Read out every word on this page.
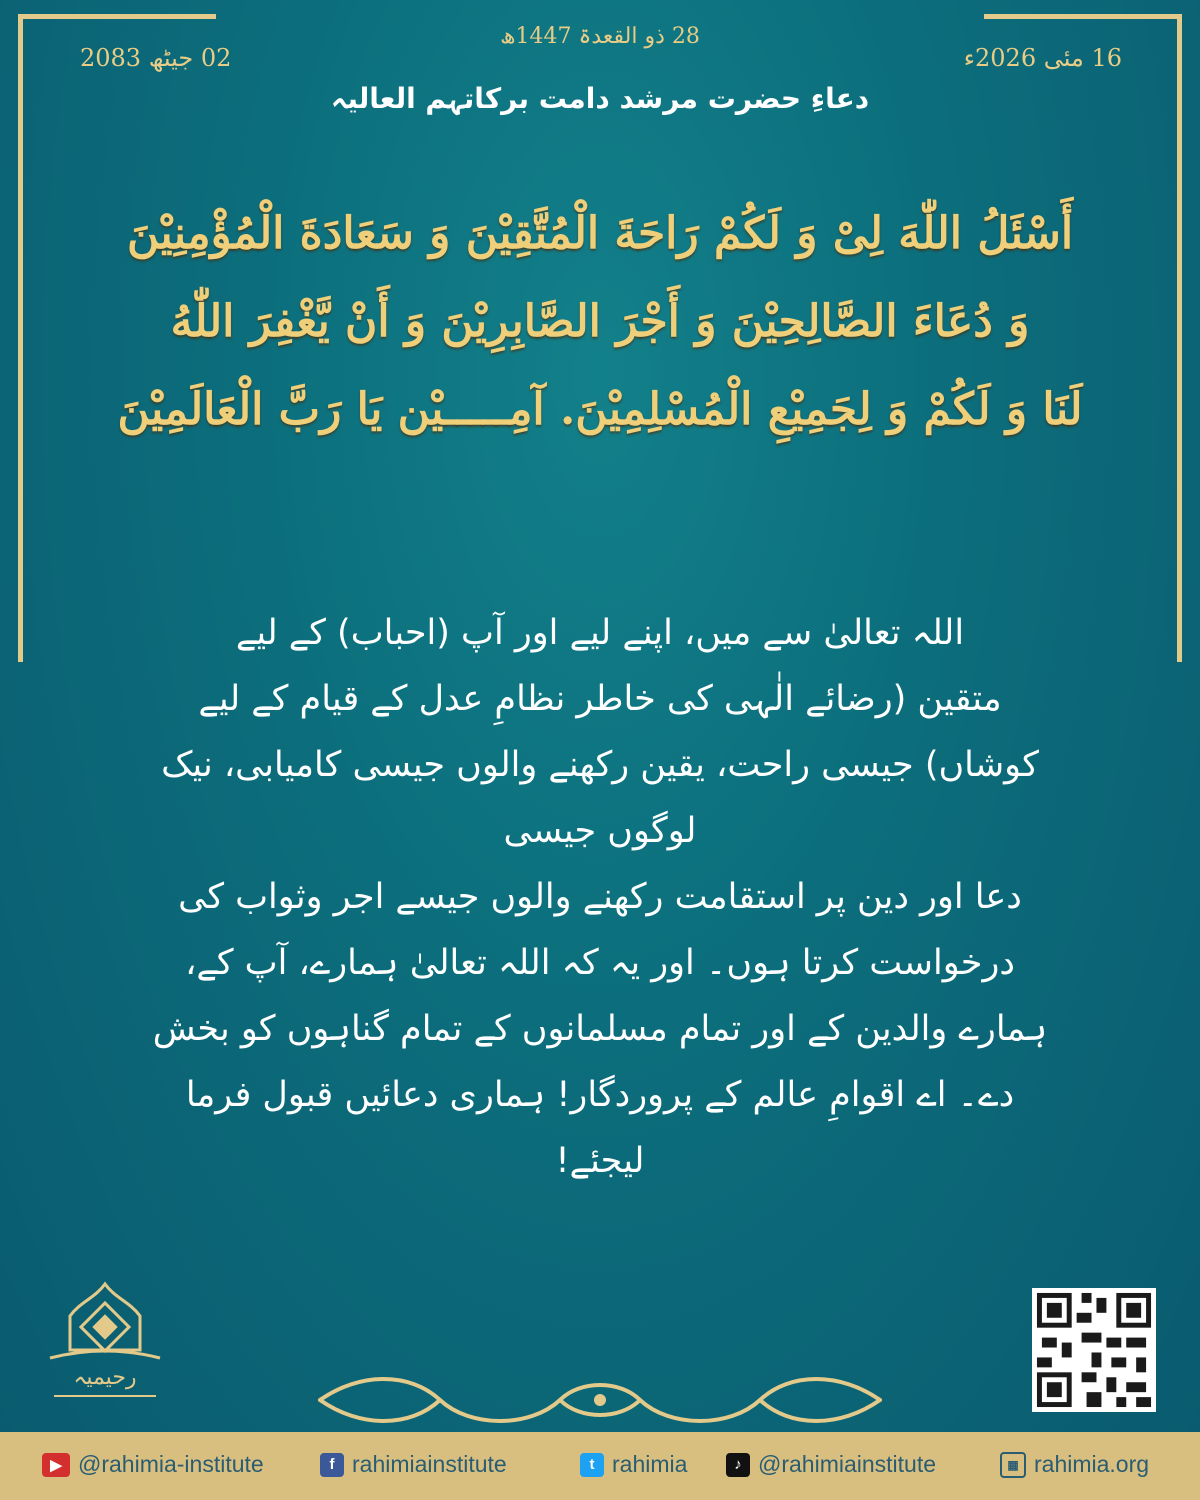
16 مئی 2026ء
28 ذو القعدۃ 1447ھ
02 جیٹھ 2083
دعاءِ حضرت مرشد دامت برکاتہم العالیہ
أَسْئَلُ اللّٰهَ لِیْ وَ لَكُمْ رَاحَةَ الْمُتَّقِیْنَ وَ سَعَادَةَ الْمُؤْمِنِیْنَ
وَ دُعَاءَ الصَّالِحِیْنَ وَ أَجْرَ الصَّابِرِیْنَ وَ أَنْ یَّغْفِرَ اللّٰهُ
لَنَا وَ لَكُمْ وَ لِجَمِیْعِ الْمُسْلِمِیْنَ. آمِـــــیْن یَا رَبَّ الْعَالَمِیْنَ
اللہ تعالیٰ سے میں، اپنے لیے اور آپ (احباب) کے لیے
متقین (رضائے الٰہی کی خاطر نظامِ عدل کے قیام کے لیے
کوشاں) جیسی راحت، یقین رکھنے والوں جیسی کامیابی، نیک لوگوں جیسی
دعا اور دین پر استقامت رکھنے والوں جیسے اجر وثواب کی
درخواست کرتا ہوں۔ اور یہ کہ اللہ تعالیٰ ہمارے، آپ کے،
ہمارے والدین کے اور تمام مسلمانوں کے تمام گناہوں کو بخش
دے۔ اے اقوامِ عالم کے پروردگار! ہماری دعائیں قبول فرما
لیجئے!
رحیمیہ
▶ @rahimia-institute	f rahimiainstitute	t rahimia	♪ @rahimiainstitute	▦ rahimia.org
